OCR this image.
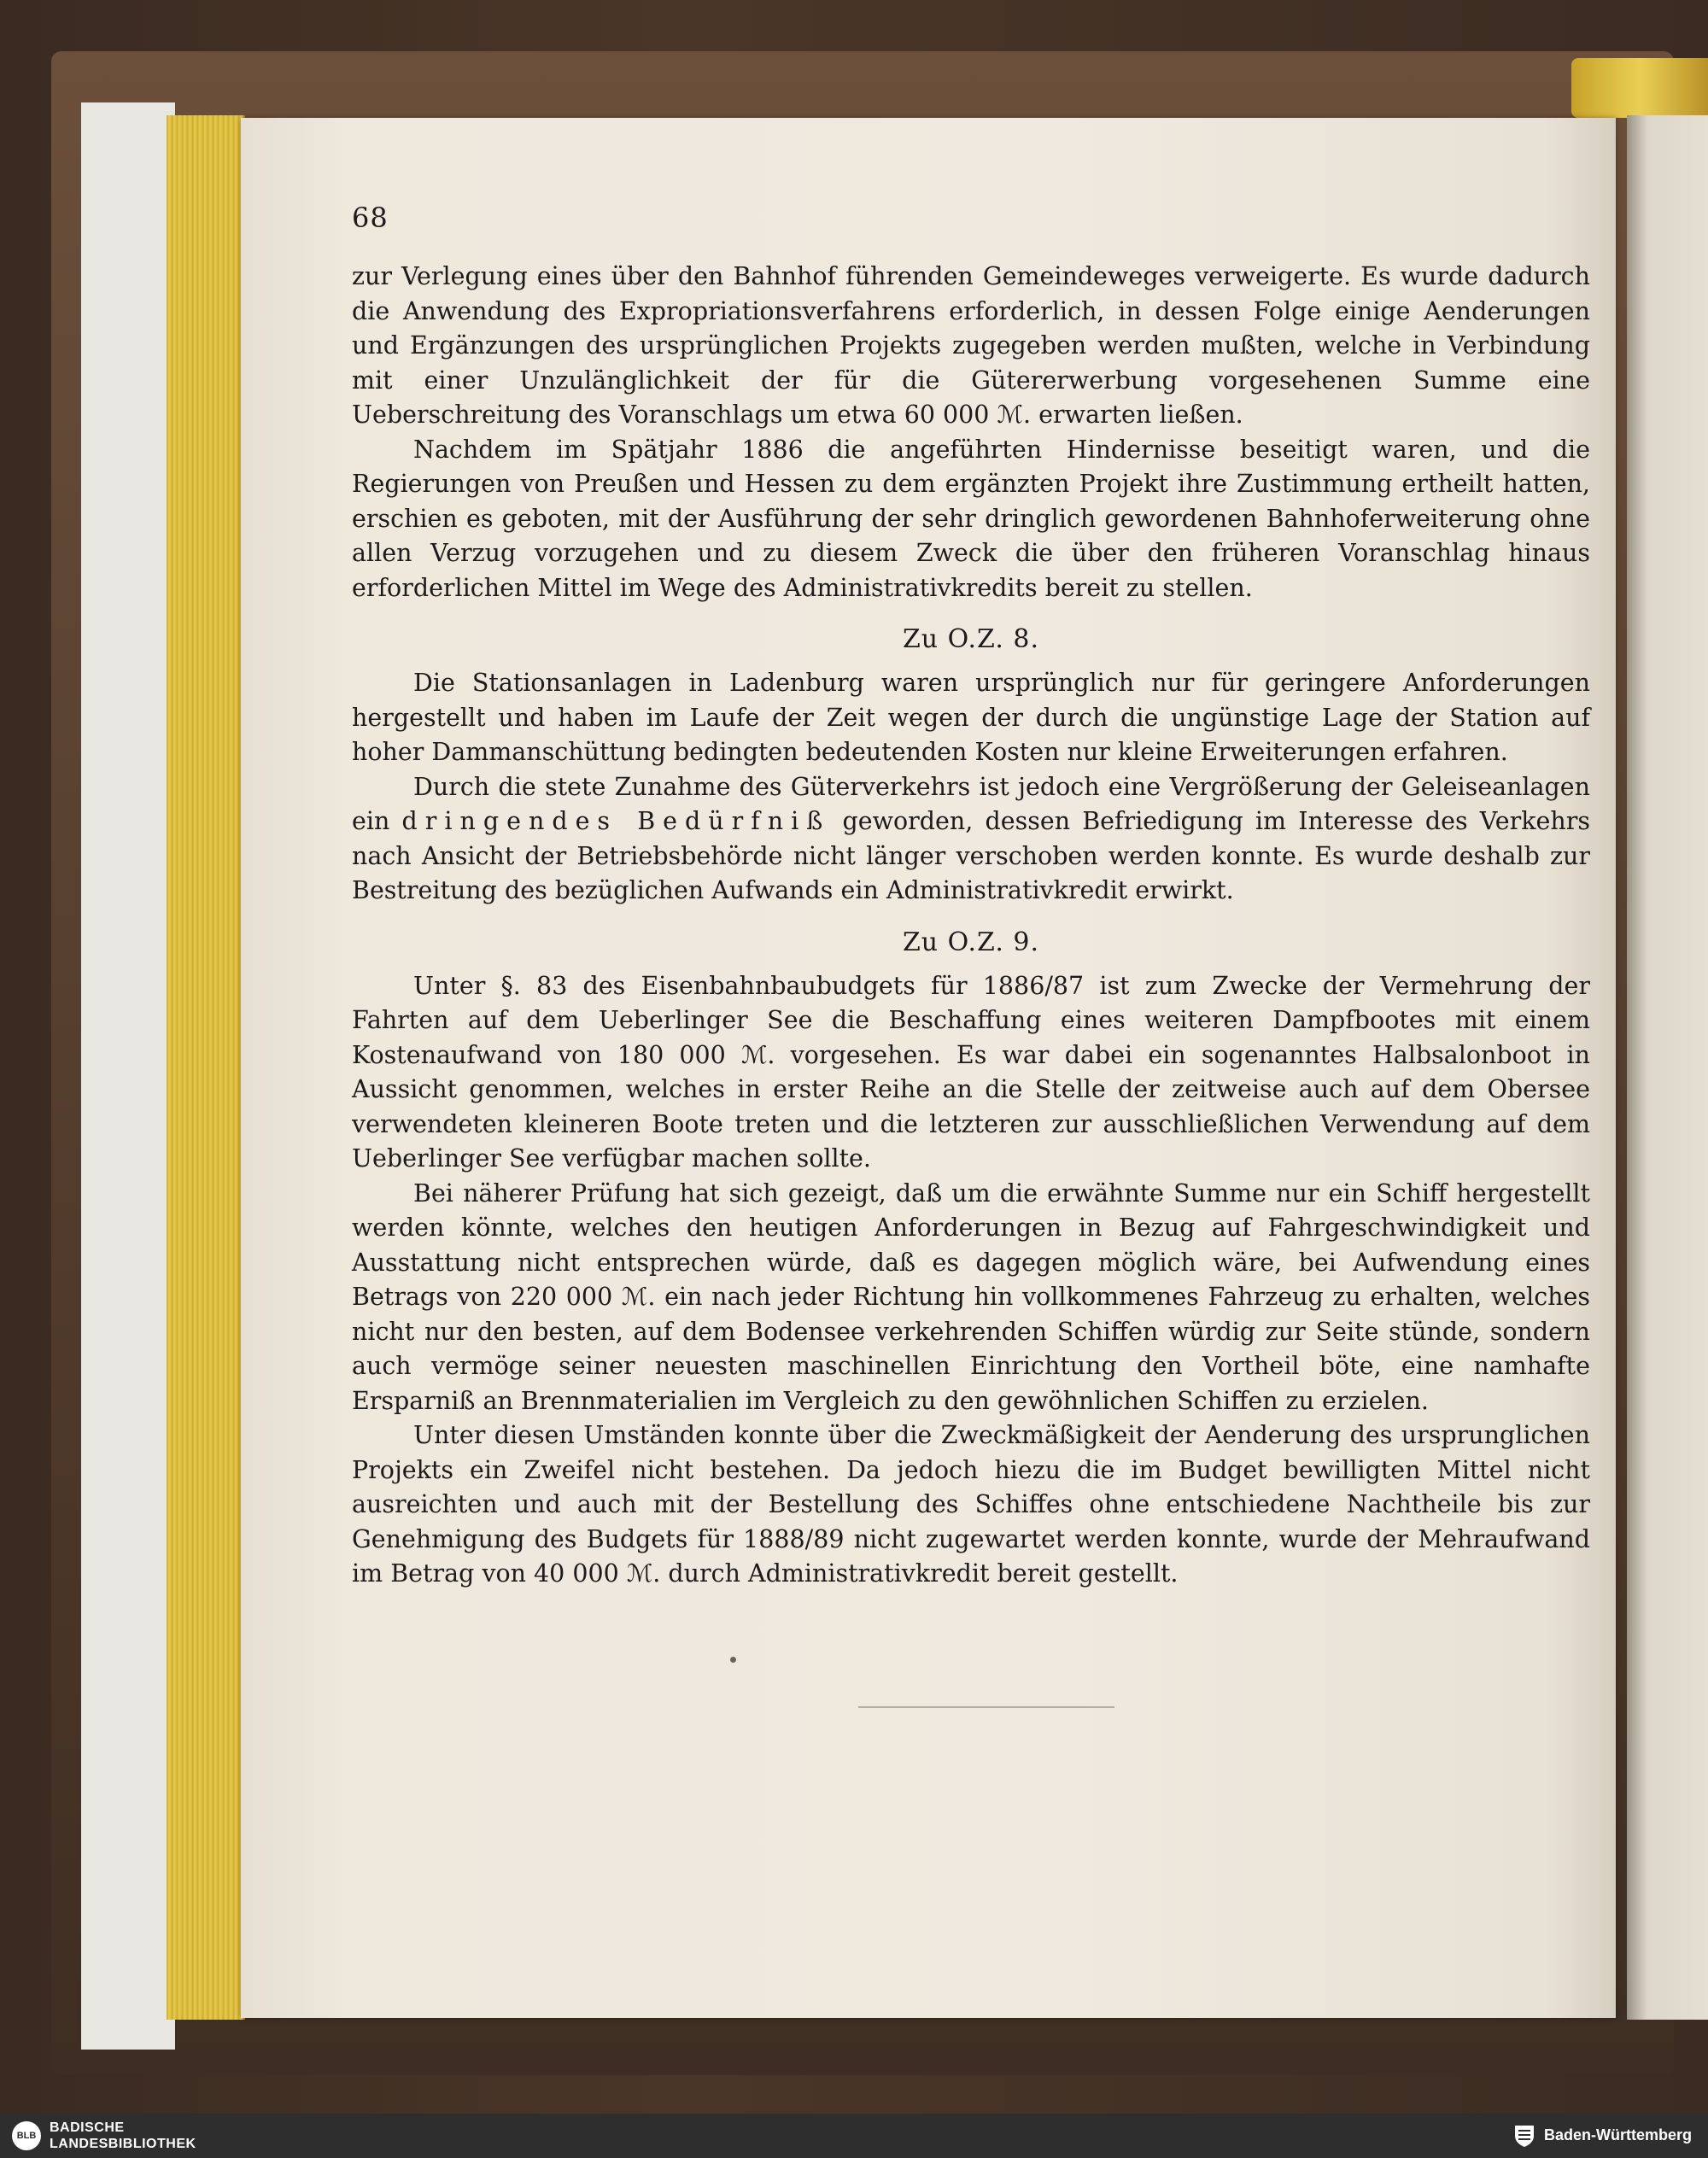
68

zur Verlegung eines über den Bahnhof führenden Gemeindeweges verweigerte. Es wurde dadurch die Anwendung des Expropriationsverfahrens erforderlich, in dessen Folge einige Aenderungen und Ergänzungen des ursprünglichen Projekts zugegeben werden mußten, welche in Verbindung mit einer Unzulänglichkeit der für die Gütererwerbung vorgesehenen Summe eine Ueberschreitung des Voranschlags um etwa 60 000 ℳ. erwarten ließen.

Nachdem im Spätjahr 1886 die angeführten Hindernisse beseitigt waren, und die Regierungen von Preußen und Hessen zu dem ergänzten Projekt ihre Zustimmung ertheilt hatten, erschien es geboten, mit der Ausführung der sehr dringlich gewordenen Bahnhoferweiterung ohne allen Verzug vorzugehen und zu diesem Zweck die über den früheren Voranschlag hinaus erforderlichen Mittel im Wege des Administrativkredits bereit zu stellen.

Zu O.Z. 8.

Die Stationsanlagen in Ladenburg waren ursprünglich nur für geringere Anforderungen hergestellt und haben im Laufe der Zeit wegen der durch die ungünstige Lage der Station auf hoher Dammanschüttung bedingten bedeutenden Kosten nur kleine Erweiterungen erfahren.

Durch die stete Zunahme des Güterverkehrs ist jedoch eine Vergrößerung der Geleiseanlagen ein dringendes Bedürfniß geworden, dessen Befriedigung im Interesse des Verkehrs nach Ansicht der Betriebsbehörde nicht länger verschoben werden konnte. Es wurde deshalb zur Bestreitung des bezüglichen Aufwands ein Administrativkredit erwirkt.

Zu O.Z. 9.

Unter §. 83 des Eisenbahnbaubudgets für 1886/87 ist zum Zwecke der Vermehrung der Fahrten auf dem Ueberlinger See die Beschaffung eines weiteren Dampfbootes mit einem Kostenaufwand von 180 000 ℳ. vorgesehen. Es war dabei ein sogenanntes Halbsalonboot in Aussicht genommen, welches in erster Reihe an die Stelle der zeitweise auch auf dem Obersee verwendeten kleineren Boote treten und die letzteren zur ausschließlichen Verwendung auf dem Ueberlinger See verfügbar machen sollte.

Bei näherer Prüfung hat sich gezeigt, daß um die erwähnte Summe nur ein Schiff hergestellt werden könnte, welches den heutigen Anforderungen in Bezug auf Fahrgeschwindigkeit und Ausstattung nicht entsprechen würde, daß es dagegen möglich wäre, bei Aufwendung eines Betrags von 220 000 ℳ. ein nach jeder Richtung hin vollkommenes Fahrzeug zu erhalten, welches nicht nur den besten, auf dem Bodensee verkehrenden Schiffen würdig zur Seite stünde, sondern auch vermöge seiner neuesten maschinellen Einrichtung den Vortheil böte, eine namhafte Ersparniß an Brennmaterialien im Vergleich zu den gewöhnlichen Schiffen zu erzielen.

Unter diesen Umständen konnte über die Zweckmäßigkeit der Aenderung des ursprunglichen Projekts ein Zweifel nicht bestehen. Da jedoch hiezu die im Budget bewilligten Mittel nicht ausreichten und auch mit der Bestellung des Schiffes ohne entschiedene Nachtheile bis zur Genehmigung des Budgets für 1888/89 nicht zugewartet werden konnte, wurde der Mehraufwand im Betrag von 40 000 ℳ. durch Administrativkredit bereit gestellt.

BLB
BADISCHE
LANDESBIBLIOTHEK
Baden-Württemberg
